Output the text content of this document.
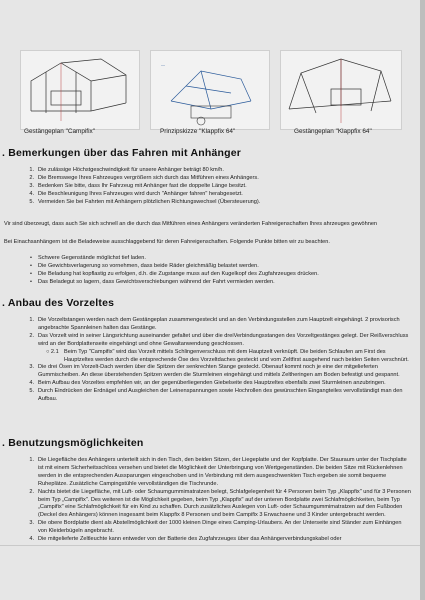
Gestängeplan "Campifix"
—
Prinzipskizze "Klappfix 64"	Gestängeplan "Klappfix 64"
. Bemerkungen über das Fahren mit Anhänger
1. Die zulässige Höchstgeschwindigkeit für unsere Anhänger beträgt 80 km/h.
2. Die Bremswege Ihres Fahrzeuges vergrößern sich durch das Mitführen eines Anhängers.
3. Bedenken Sie bitte, dass Ihr Fahrzeug mit Anhänger fast die doppelte Länge besitzt.
4. Die Beschleunigung Ihres Fahrzeuges wird durch "Anhänger fahren" herabgesetzt.
5. Vermeiden Sie bei Fahrten mit Anhängern plötzlichen Richtungswechsel (Übersteuerung).
Vir sind überzeugt, dass auch Sie sich schnell an die durch das Mitführen eines Anhängers veränderten Fahreigenschaften Ihres ahrzeuges gewöhnen
Bei Einachsanhängern ist die Beladeweise ausschlaggebend für deren Fahreigenschaften. Folgende Punkte bitten wir zu beachten.
• Schwere Gegenstände möglichst tief laden.
• Die Gewichtsverlagerung so vornehmen, dass beide Räder gleichmäßig belastet werden.
• Die Beladung hat kopflastig zu erfolgen, d.h. die Zugstange muss auf den Kugelkopf des Zugfahrzeuges drücken.
• Das Beladegut so lagern, dass Gewichtsverschiebungen während der Fahrt vermieden werden.
. Anbau des Vorzeltes
1. Die Vorzeltstangen werden nach dem Gestängeplan zusammengesteckt und an den Verbindungsstellen zum Hauptzelt eingehängt. 2 provisorisch angebrachte Spannleinen halten das Gestänge.
2. Das Vorzelt wird in seiner Längsrichtung auseinander gefaltet und über die dreiVerbindungsstangen des Vorzeltgestänges gelegt. Der Reißverschluss wird an der Bordplattenseite eingehängt und ohne Gewaltanwendung geschlossen.
○ 2.1 Beim Typ "Campifix" wird das Vorzelt mittels Schlingenverschluss mit dem Hauptzelt verknüpft. Die beiden Schlaufen am First des Hauptzeltes werden durch die entsprechende Öse des Vorzeltdaches gesteckt und vom Zeltfirst ausgehend nach beiden Seiten verschnürt.
3. Die drei Ösen im Vorzelt-Dach werden über die Spitzen der senkrechten Stange gesteckt. Obenauf kommt noch je eine der mitgelieferten Gummischeiben. An diese überstehenden Spitzen werden die Sturmleinen eingehängt und mittels Zeltheringen am Boden befestigt und gespannt.
4. Beim Aufbau des Vorzeltes empfehlen wir, an der gegenüberliegenden Giebelseite des Hauptzeltes ebenfalls zwei Sturmleinen anzubringen.
5. Durch Eindrücken der Erdnägel und Ausgleichen der Leinenspannungen sowie Hochrollen des gewünschten Eingangteiles vervollständigt man den Aufbau.
. Benutzungsmöglichkeiten
1. Die Liegefläche des Anhängers unterteilt sich in den Tisch, den beiden Sitzen, der Liegeplatte und der Kopfplatte. Der Stauraum unter der Tischplatte ist mit einem Sicherheitsschloss versehen und bietet die Möglichkeit der Unterbringung von Wertgegenständen. Die beiden Sitze mit Rückenlehnen werden in die entsprechenden Aussparungen eingeschoben und in Verbindung mit dem ausgeschwenkten Tisch ergeben sie somit bequeme Ruheplätze. Zusätzliche Campingstühle vervollständigen die Tischrunde.
2. Nachts bietet die Liegefläche, mit Luft- oder Schaumgummimatratzen belegt, Schlafgelegenheit für 4 Personen beim Typ „Klappfix" und für 3 Personen beim Typ „Campifix". Des weiteren ist die Möglichkeit gegeben, beim Typ „Klappfix" auf der unteren Bordplatte zwei Schlafmöglichkeiten, beim Typ „Campifix" eine Schlafmöglichkeit für ein Kind zu schaffen. Durch zusätzliches Auslegen von Luft- oder Schaumgummimatratzen auf den Fußboden (Deckel des Anhängers) können insgesamt beim Klappfix 8 Personen und beim Campifix 3 Erwachsene und 3 Kinder untergebracht werden.
3. Die obere Bordplatte dient als Abstellmöglichkeit der 1000 kleinen Dinge eines Camping-Urlaubers. An der Unterseite sind Ständer zum Einhängen von Kleiderbügeln angebracht.
4. Die mitgelieferte Zeltleuchte kann entweder von der Batterie des Zugfahrzeuges über das Anhängerverbindungskabel oder
